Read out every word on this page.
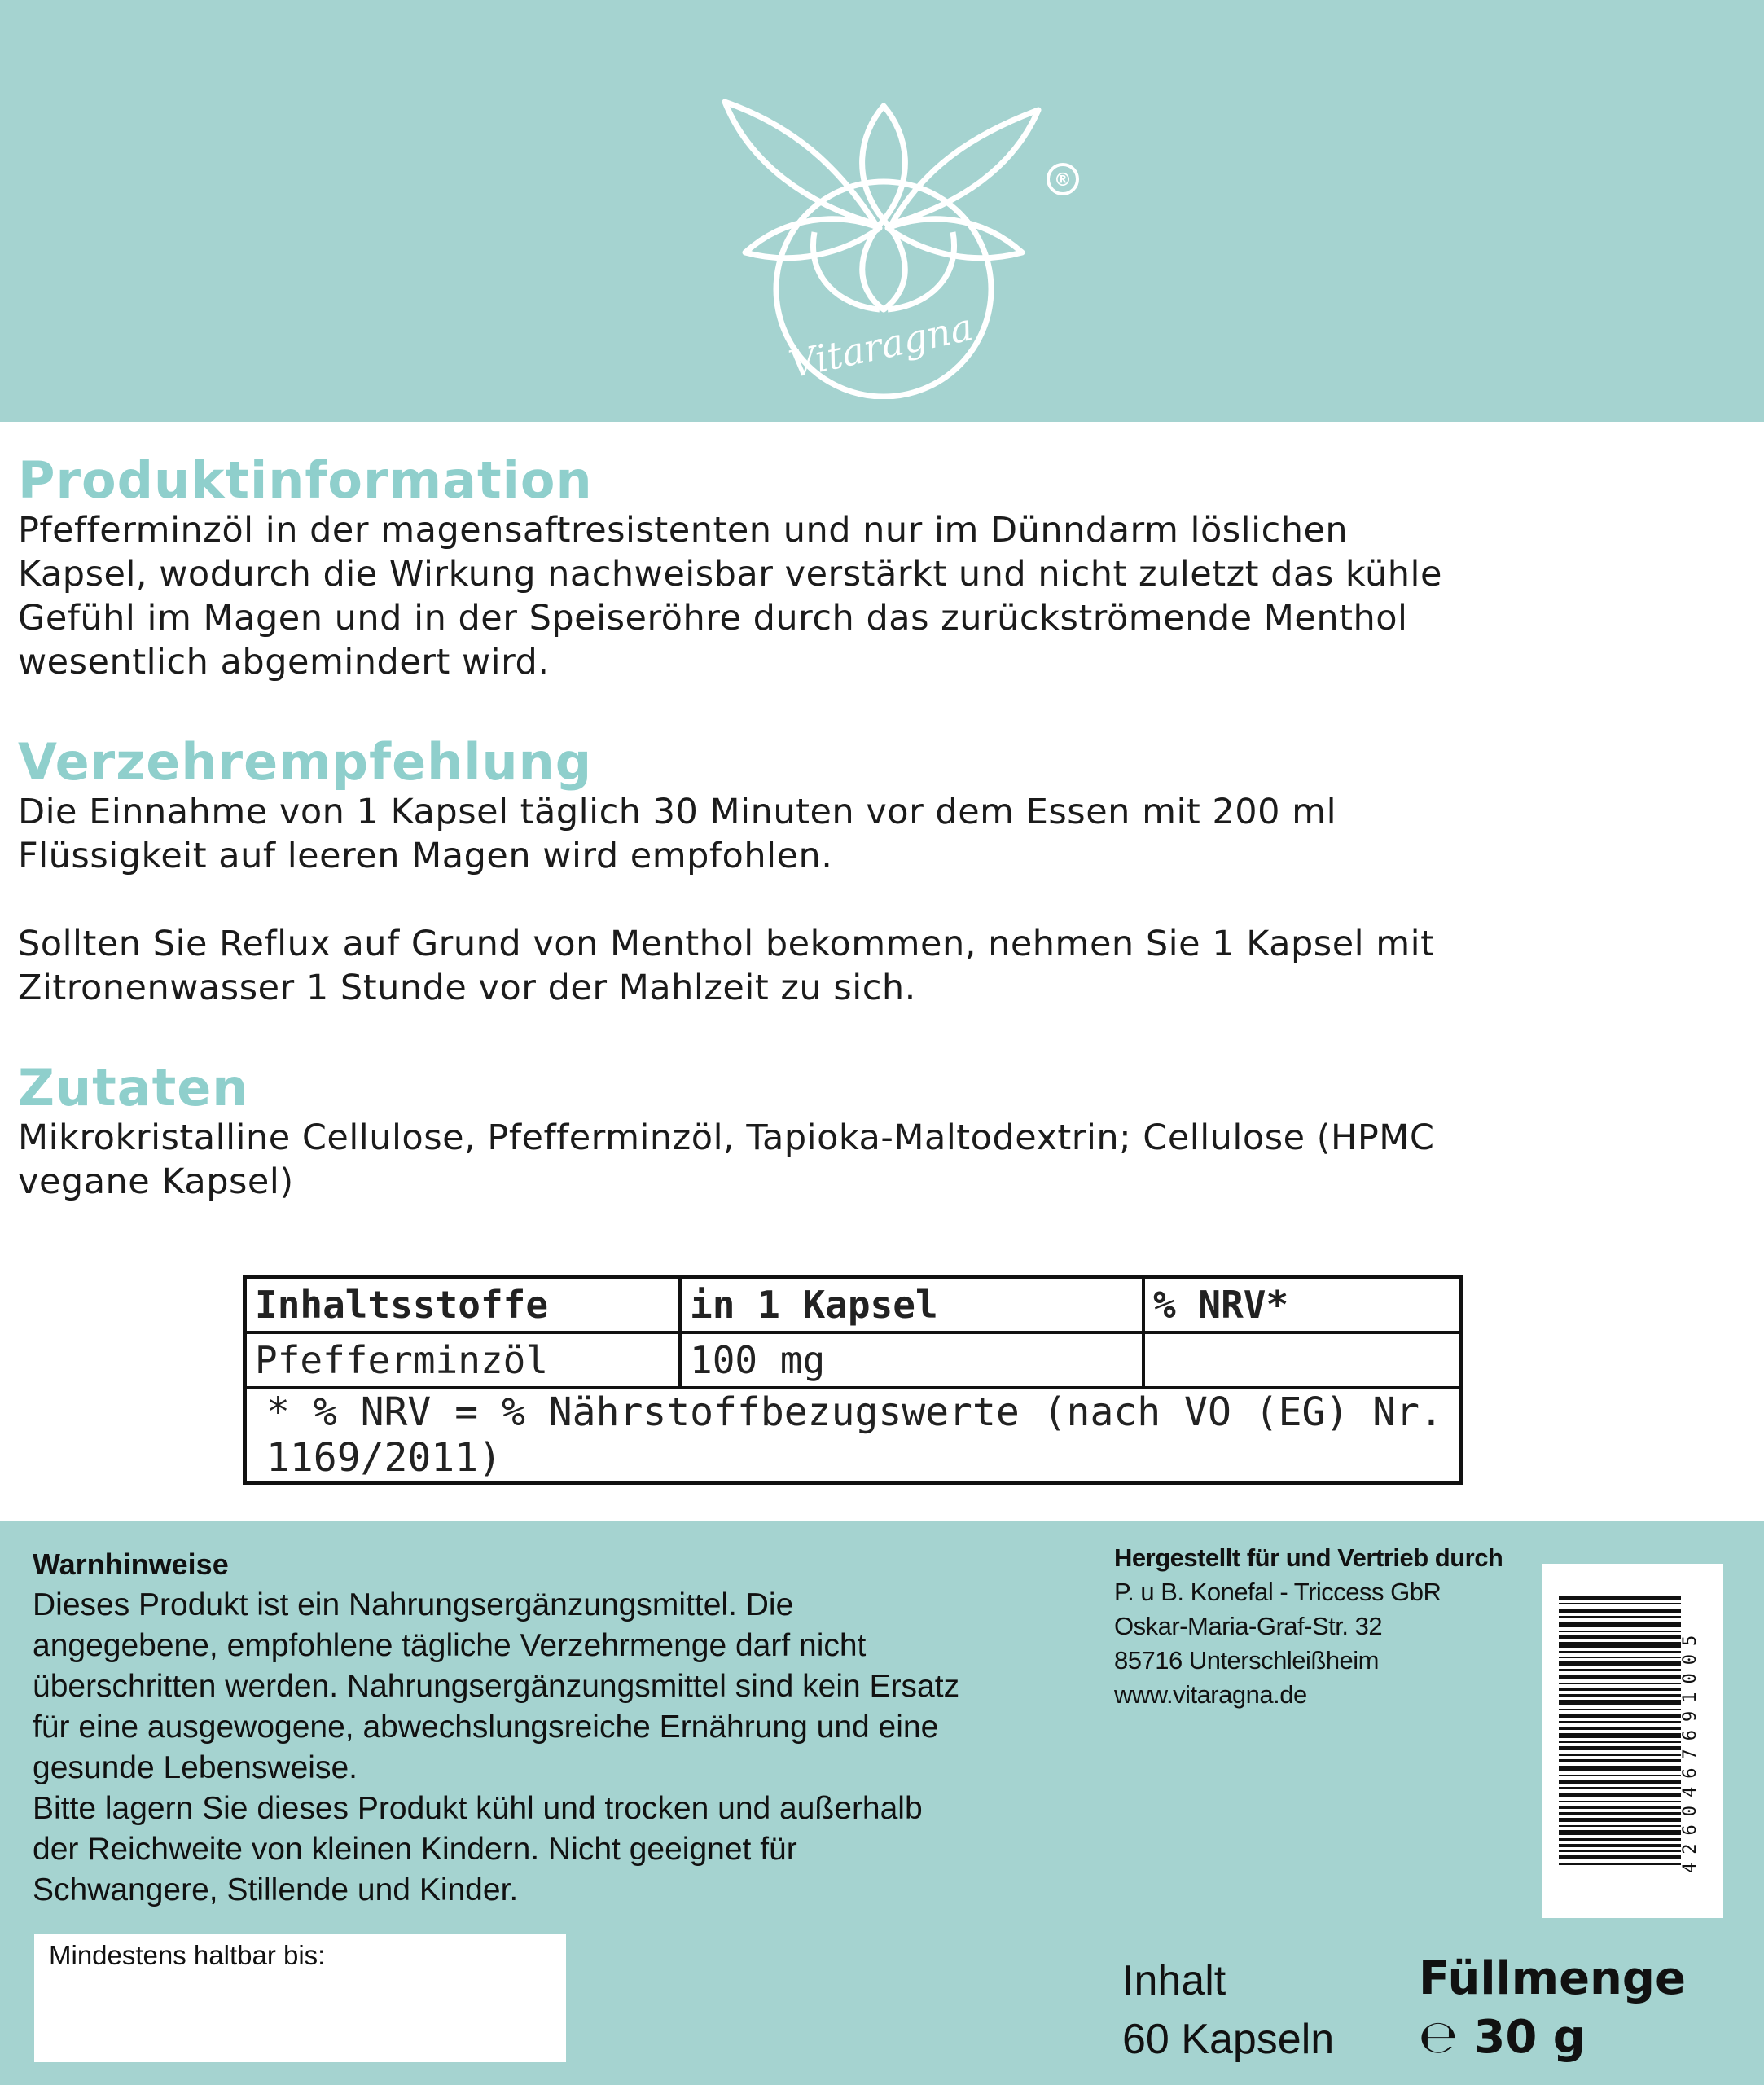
®
Vitaragna
Produktinformation
Pfefferminzöl in der magensaftresistenten und nur im Dünndarm löslichen
Kapsel, wodurch die Wirkung nachweisbar verstärkt und nicht zuletzt das kühle
Gefühl im Magen und in der Speiseröhre durch das zurückströmende Menthol
wesentlich abgemindert wird.
Verzehrempfehlung
Die Einnahme von 1 Kapsel täglich 30 Minuten vor dem Essen mit 200 ml
Flüssigkeit auf leeren Magen wird empfohlen.
Sollten Sie Reflux auf Grund von Menthol bekommen, nehmen Sie 1 Kapsel mit
Zitronenwasser 1 Stunde vor der Mahlzeit zu sich.
Zutaten
Mikrokristalline Cellulose, Pfefferminzöl, Tapioka-Maltodextrin; Cellulose (HPMC
vegane Kapsel)
Inhaltsstoffe	in 1 Kapsel	% NRV*
Pfefferminzöl	100 mg	
* % NRV = % Nährstoffbezugswerte (nach VO (EG) Nr. 1169/2011)		
Warnhinweise
Dieses Produkt ist ein Nahrungsergänzungsmittel. Die
angegebene, empfohlene tägliche Verzehrmenge darf nicht
überschritten werden. Nahrungsergänzungsmittel sind kein Ersatz
für eine ausgewogene, abwechslungsreiche Ernährung und eine
gesunde Lebensweise.
Bitte lagern Sie dieses Produkt kühl und trocken und außerhalb
der Reichweite von kleinen Kindern. Nicht geeignet für
Schwangere, Stillende und Kinder.
Hergestellt für und Vertrieb durch
P. u B. Konefal - Triccess GbR
Oskar-Maria-Graf-Str. 32
85716 Unterschleißheim
www.vitaragna.de	4260467691005
Mindestens haltbar bis:
Inhalt
60 Kapseln
Füllmenge
℮ 30 g
